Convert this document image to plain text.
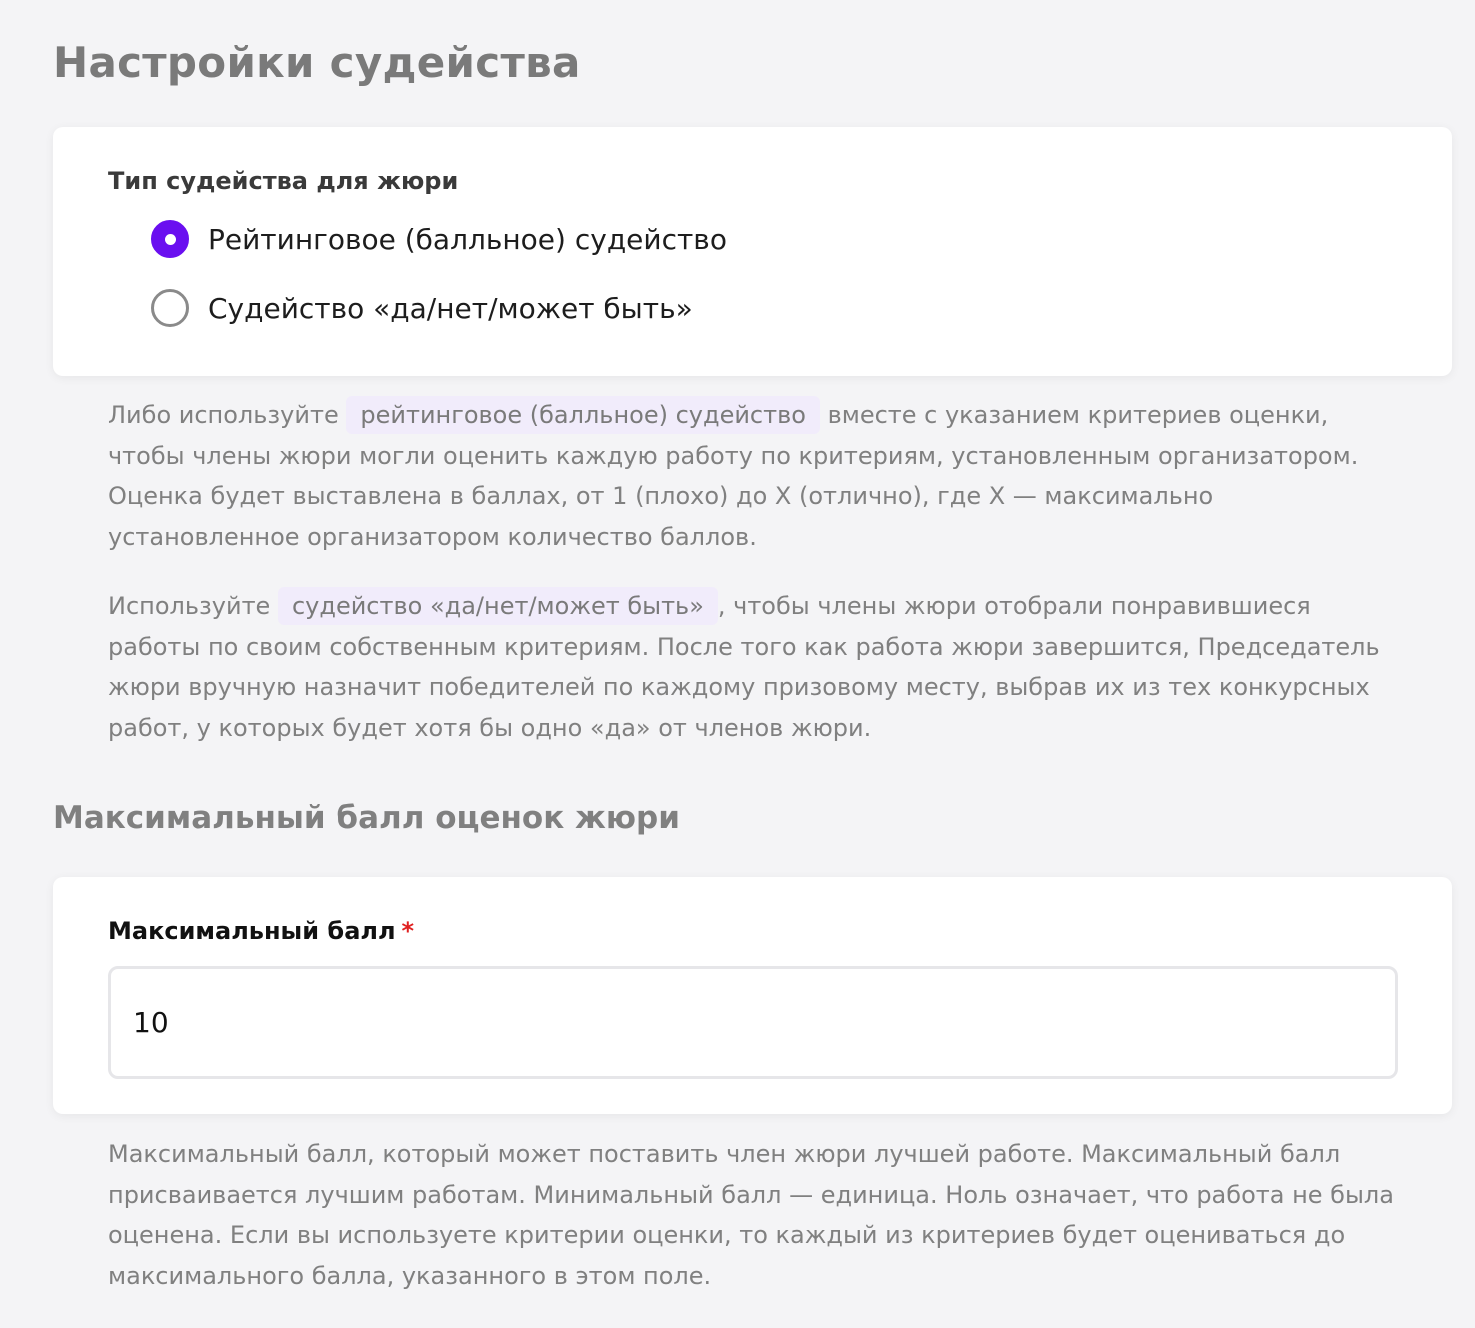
Настройки судейства
Тип судейства для жюри
Рейтинговое (балльное) судейство
Судейство «да/нет/может быть»

Либо используйте рейтинговое (балльное) судейство вместе с указанием критериев оценки, чтобы члены жюри могли оценить каждую работу по критериям, установленным организатором. Оценка будет выставлена в баллах, от 1 (плохо) до X (отлично), где X — максимально установленное организатором количество баллов.

Используйте судейство «да/нет/может быть» , чтобы члены жюри отобрали понравившиеся работы по своим собственным критериям. После того как работа жюри завершится, Председатель жюри вручную назначит победителей по каждому призовому месту, выбрав их из тех конкурсных работ, у которых будет хотя бы одно «да» от членов жюри.

Максимальный балл оценок жюри
Максимальный балл *
10

Максимальный балл, который может поставить член жюри лучшей работе. Максимальный балл присваивается лучшим работам. Минимальный балл — единица. Ноль означает, что работа не была оценена. Если вы используете критерии оценки, то каждый из критериев будет оцениваться до максимального балла, указанного в этом поле.
